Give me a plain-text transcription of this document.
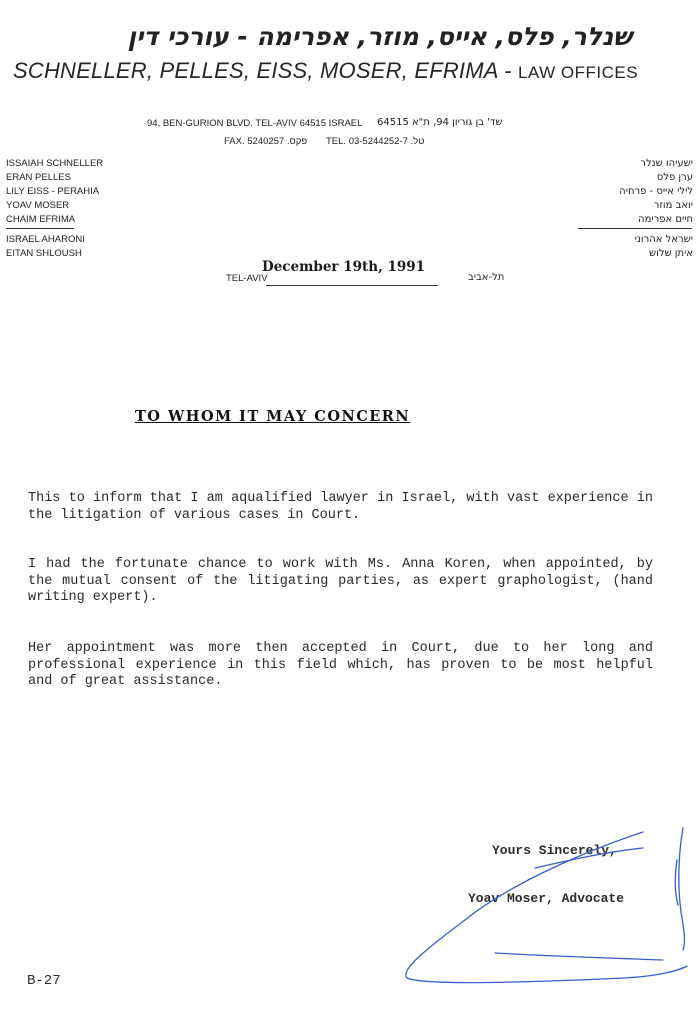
שנלר, פלס, אייס, מוזר, אפרימה - עורכי דין
SCHNELLER, PELLES, EISS, MOSER, EFRIMA - LAW OFFICES
94, BEN-GURION BLVD. TEL-AVIV 64515 ISRAEL שד' בן גוריון 94, ת"א 64515
FAX. 5240257 .פקס TEL. 03-5244252-7 .טל
ISSAIAH SCHNELLER
ERAN PELLES
LILY EISS - PERAHIA
YOAV MOSER
CHAIM EFRIMA
ISRAEL AHARONI
EITAN SHLOUSH
ישעיהו שנלר
ערן פלס
לילי אייס - פרחיה
יואב מוזר
חיים אפרימה
ישראל אהרוני
איתן שלוש
TEL-AVIV
December 19th, 1991
תל-אביב
TO WHOM IT MAY CONCERN
This to inform that I am aqualified lawyer in Israel, with vast experience in the litigation of various cases in Court.
I had the fortunate chance to work with Ms. Anna Koren, when appointed, by the mutual consent of the litigating parties, as expert graphologist, (hand writing expert).
Her appointment was more then accepted in Court, due to her long and professional experience in this field which, has proven to be most helpful and of great assistance.
Yours Sincerely,
Yoav Moser, Advocate
B-27
